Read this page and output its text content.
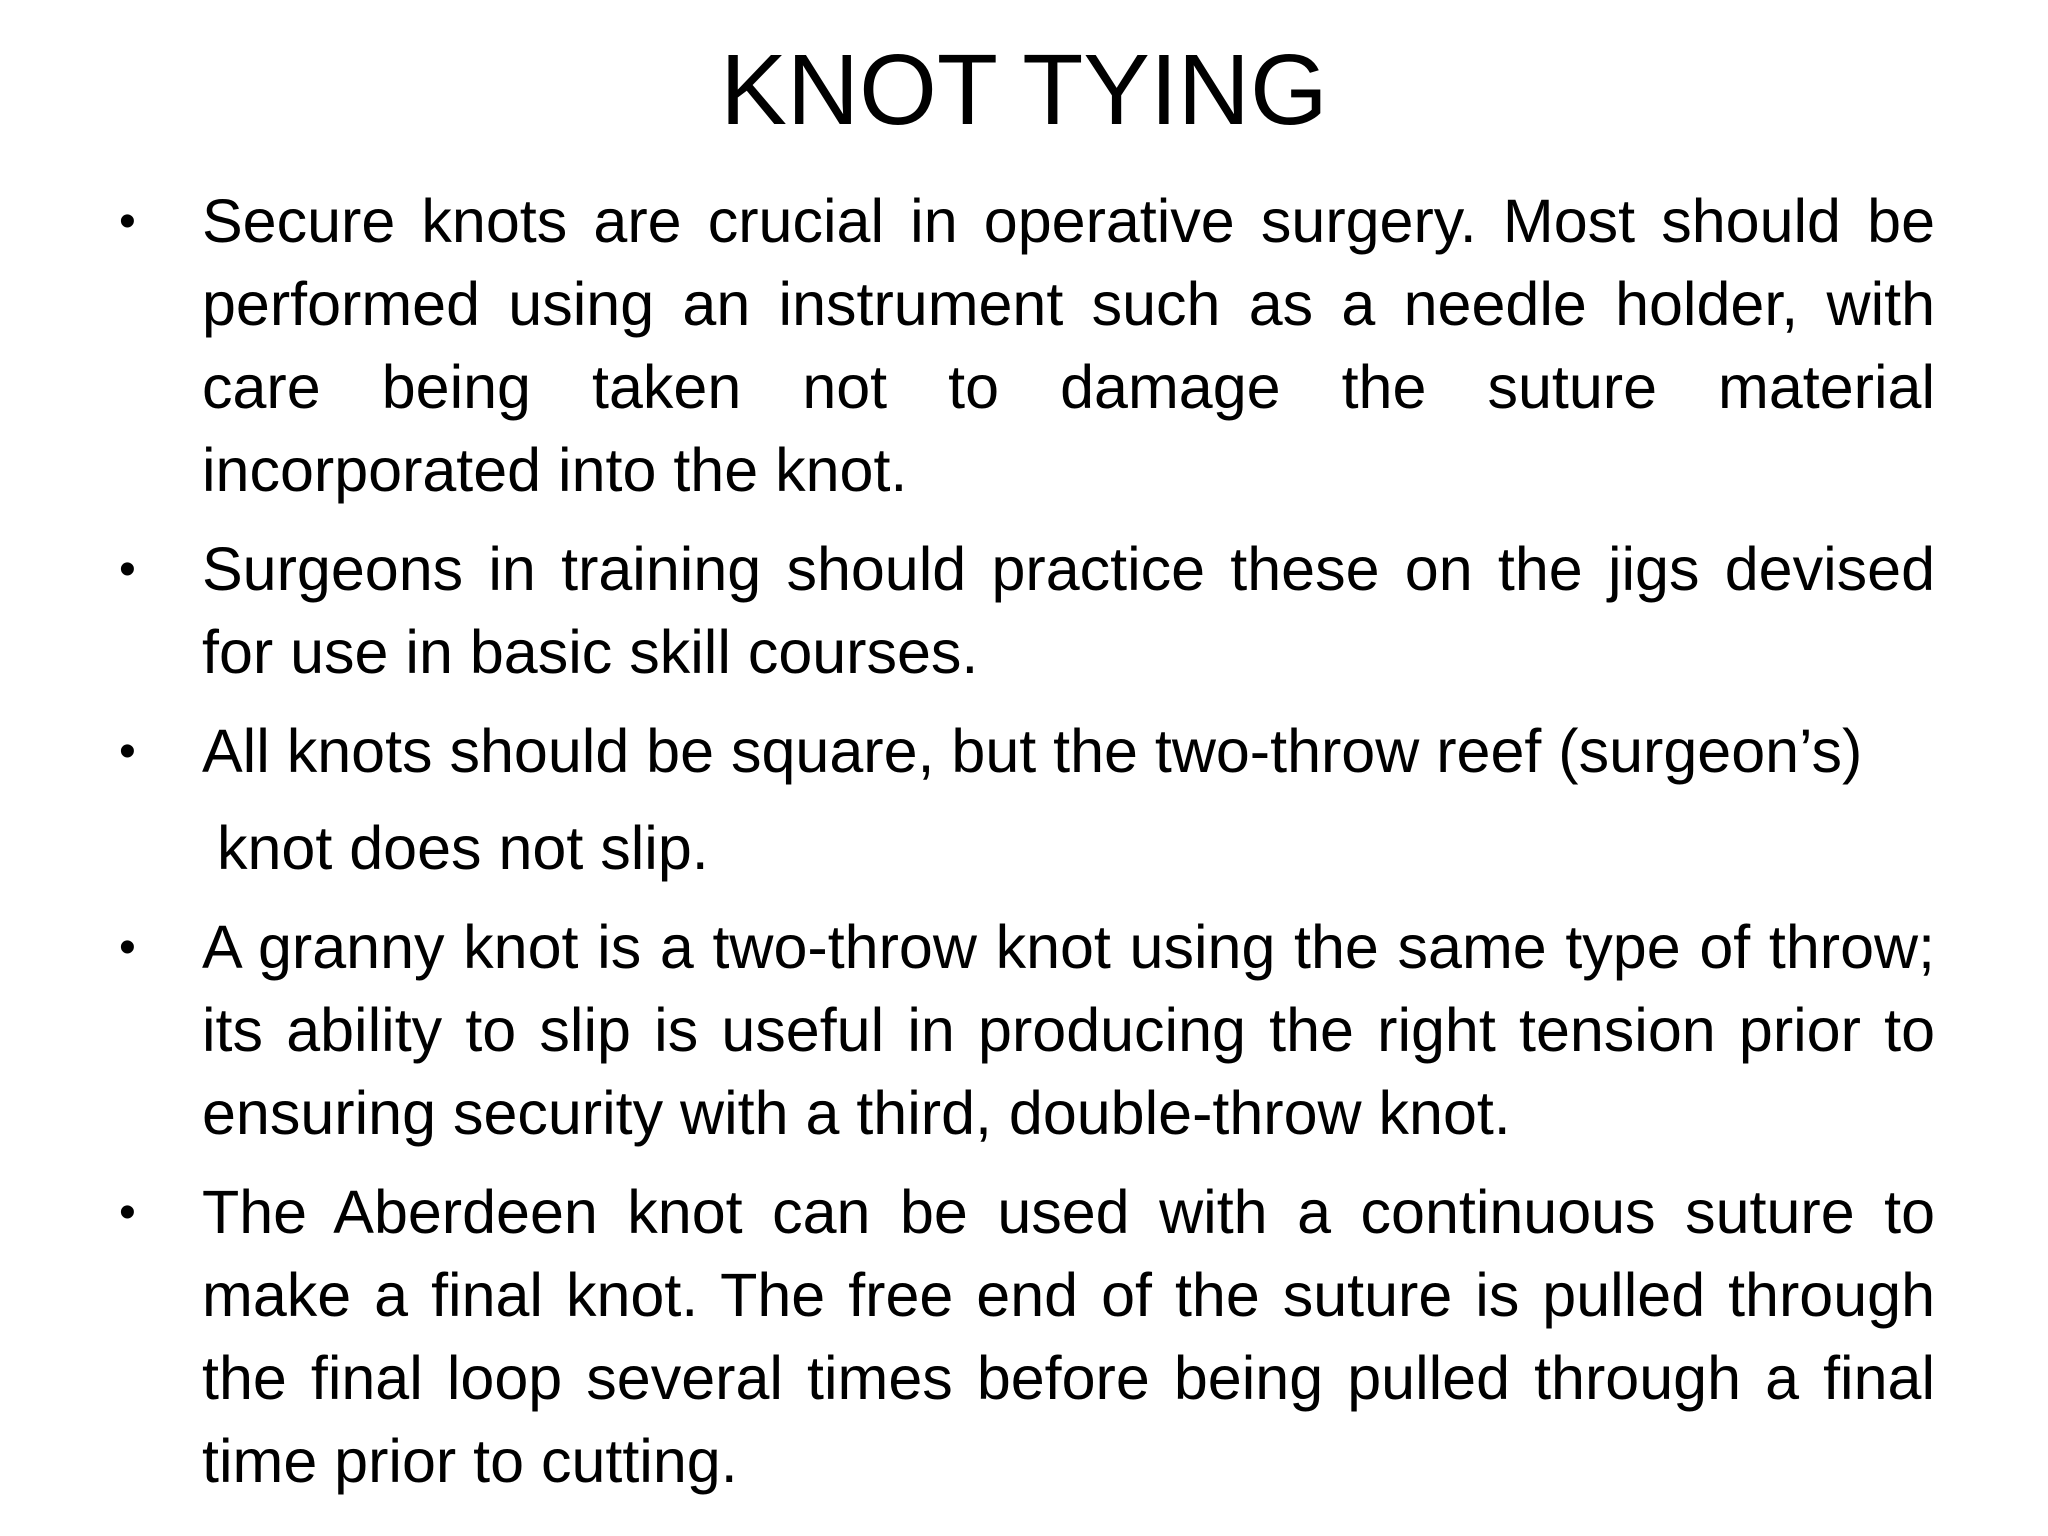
KNOT TYING
• Secure knots are crucial in operative surgery. Most should be performed using an instrument such as a needle holder, with care being taken not to damage the suture material incorporated into the knot.
• Surgeons in training should practice these on the jigs devised for use in basic skill courses.
• All knots should be square, but the two-throw reef (surgeon’s)
knot does not slip.
• A granny knot is a two-throw knot using the same type of throw; its ability to slip is useful in producing the right tension prior to ensuring security with a third, double-throw knot.
• The Aberdeen knot can be used with a continuous suture to make a final knot. The free end of the suture is pulled through the final loop several times before being pulled through a final time prior to cutting.
